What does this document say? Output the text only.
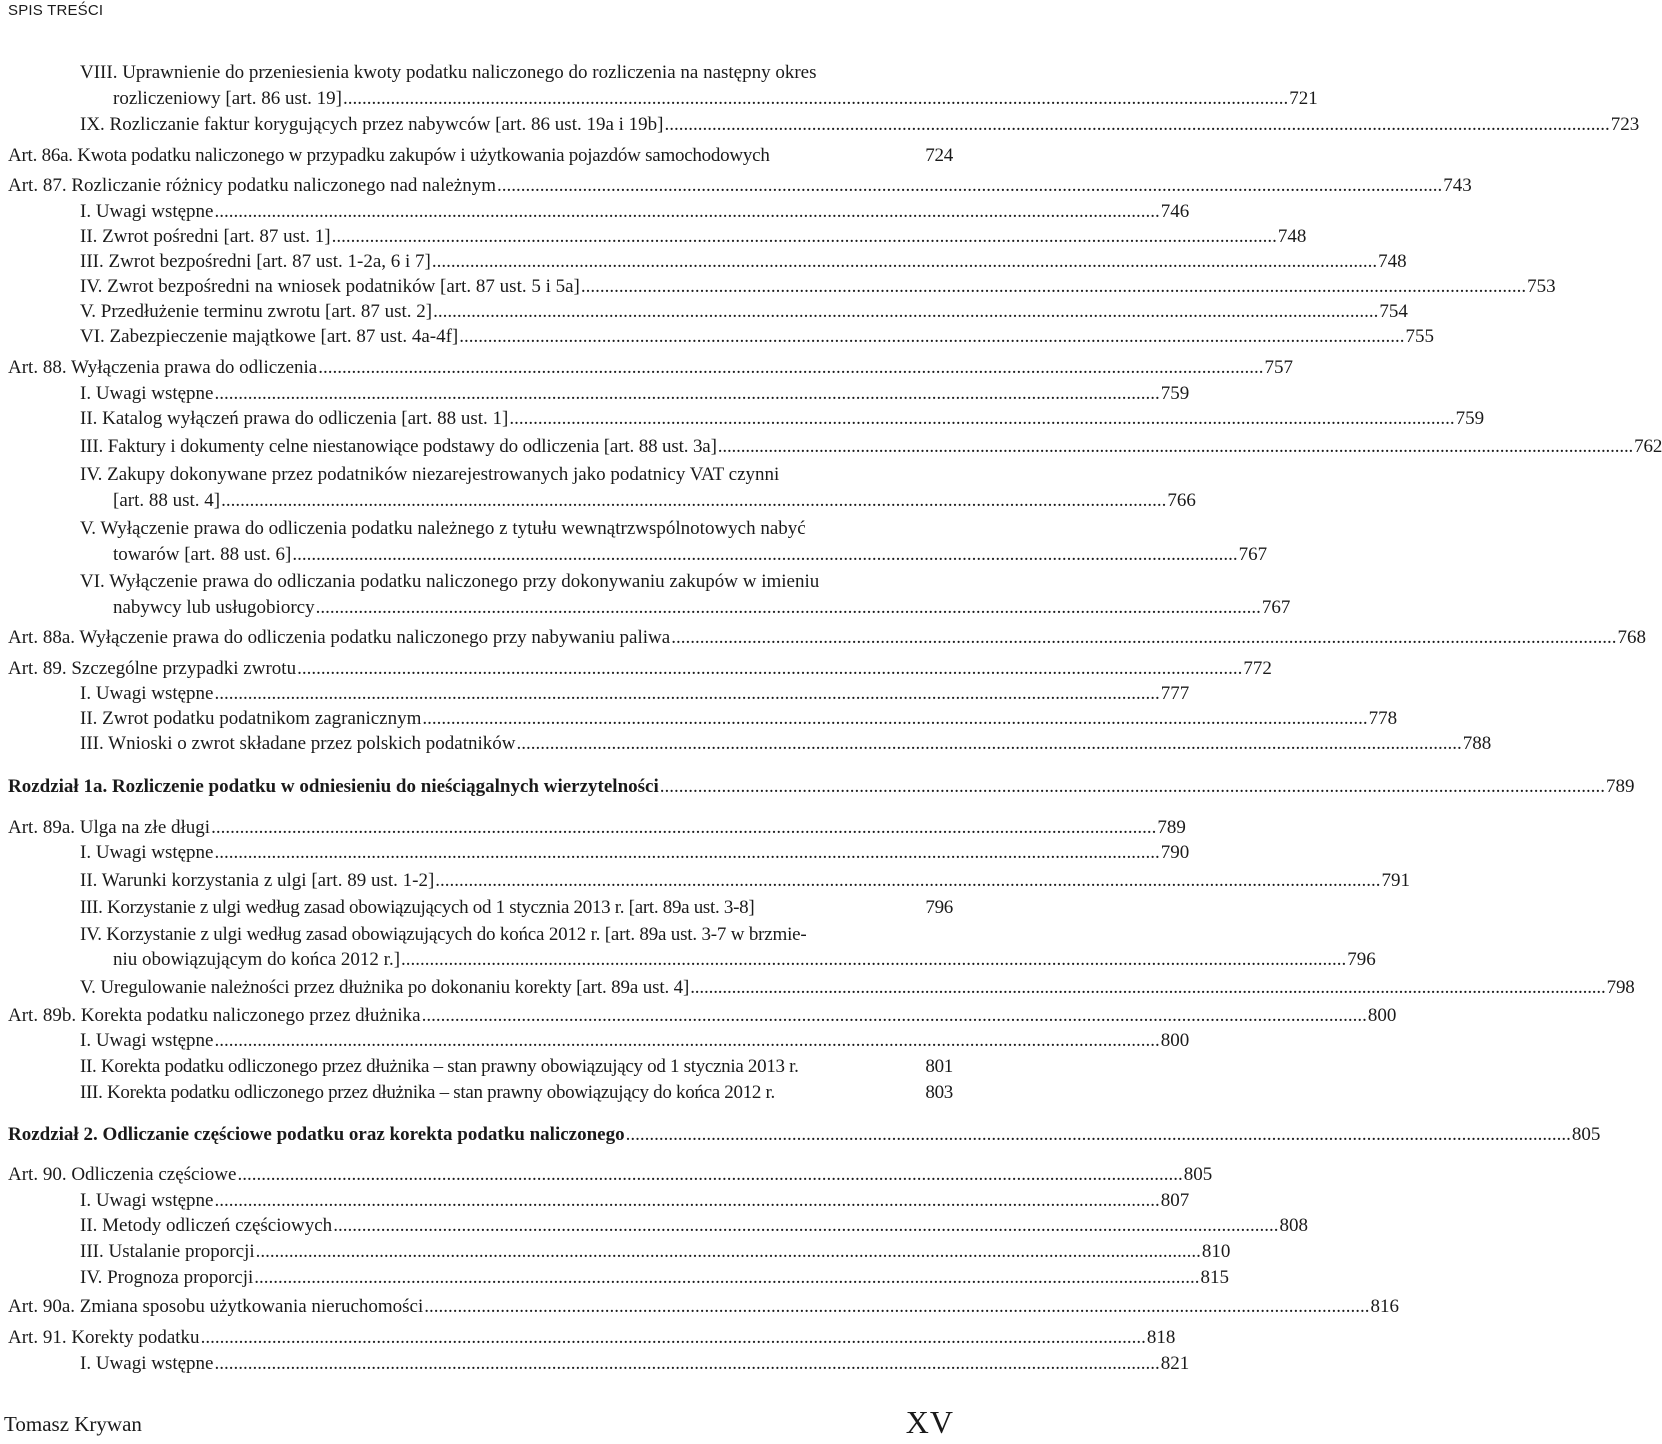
SPIS TREŚCI
VIII. Uprawnienie do przeniesienia kwoty podatku naliczonego do rozliczenia na następny okres
rozliczeniowy [art. 86 ust. 19] ....................................................................................................................................................................................................... 721
IX. Rozliczanie faktur korygujących przez nabywców [art. 86 ust. 19a i 19b] ....................................................................................................................................................................................................... 723
Art. 86a. Kwota podatku naliczonego w przypadku zakupów i użytkowania pojazdów samochodowych	724
Art. 87. Rozliczanie różnicy podatku naliczonego nad należnym ....................................................................................................................................................................................................... 743
I. Uwagi wstępne ....................................................................................................................................................................................................... 746
II. Zwrot pośredni [art. 87 ust. 1] ....................................................................................................................................................................................................... 748
III. Zwrot bezpośredni [art. 87 ust. 1-2a, 6 i 7] ....................................................................................................................................................................................................... 748
IV. Zwrot bezpośredni na wniosek podatników [art. 87 ust. 5 i 5a] ....................................................................................................................................................................................................... 753
V. Przedłużenie terminu zwrotu [art. 87 ust. 2] ....................................................................................................................................................................................................... 754
VI. Zabezpieczenie majątkowe [art. 87 ust. 4a-4f] ....................................................................................................................................................................................................... 755
Art. 88. Wyłączenia prawa do odliczenia ....................................................................................................................................................................................................... 757
I. Uwagi wstępne ....................................................................................................................................................................................................... 759
II. Katalog wyłączeń prawa do odliczenia [art. 88 ust. 1] ....................................................................................................................................................................................................... 759
III. Faktury i dokumenty celne niestanowiące podstawy do odliczenia [art. 88 ust. 3a] ....................................................................................................................................................................................................... 762
IV. Zakupy dokonywane przez podatników niezarejestrowanych jako podatnicy VAT czynni
[art. 88 ust. 4] ....................................................................................................................................................................................................... 766
V. Wyłączenie prawa do odliczenia podatku należnego z tytułu wewnątrzwspólnotowych nabyć
towarów [art. 88 ust. 6] ....................................................................................................................................................................................................... 767
VI. Wyłączenie prawa do odliczania podatku naliczonego przy dokonywaniu zakupów w imieniu
nabywcy lub usługobiorcy ....................................................................................................................................................................................................... 767
Art. 88a. Wyłączenie prawa do odliczenia podatku naliczonego przy nabywaniu paliwa ....................................................................................................................................................................................................... 768
Art. 89. Szczególne przypadki zwrotu ....................................................................................................................................................................................................... 772
I. Uwagi wstępne ....................................................................................................................................................................................................... 777
II. Zwrot podatku podatnikom zagranicznym ....................................................................................................................................................................................................... 778
III. Wnioski o zwrot składane przez polskich podatników ....................................................................................................................................................................................................... 788
Rozdział 1a. Rozliczenie podatku w odniesieniu do nieściągalnych wierzytelności ....................................................................................................................................................................................................... 789
Art. 89a. Ulga na złe długi ....................................................................................................................................................................................................... 789
I. Uwagi wstępne ....................................................................................................................................................................................................... 790
II. Warunki korzystania z ulgi [art. 89 ust. 1-2] ....................................................................................................................................................................................................... 791
III. Korzystanie z ulgi według zasad obowiązujących od 1 stycznia 2013 r. [art. 89a ust. 3-8]	796
IV. Korzystanie z ulgi według zasad obowiązujących do końca 2012 r. [art. 89a ust. 3-7 w brzmie-
niu obowiązującym do końca 2012 r.] ....................................................................................................................................................................................................... 796
V. Uregulowanie należności przez dłużnika po dokonaniu korekty [art. 89a ust. 4] ....................................................................................................................................................................................................... 798
Art. 89b. Korekta podatku naliczonego przez dłużnika ....................................................................................................................................................................................................... 800
I. Uwagi wstępne ....................................................................................................................................................................................................... 800
II. Korekta podatku odliczonego przez dłużnika – stan prawny obowiązujący od 1 stycznia 2013 r.	801
III. Korekta podatku odliczonego przez dłużnika – stan prawny obowiązujący do końca 2012 r.	803
Rozdział 2. Odliczanie częściowe podatku oraz korekta podatku naliczonego ....................................................................................................................................................................................................... 805
Art. 90. Odliczenia częściowe ....................................................................................................................................................................................................... 805
I. Uwagi wstępne ....................................................................................................................................................................................................... 807
II. Metody odliczeń częściowych ....................................................................................................................................................................................................... 808
III. Ustalanie proporcji ....................................................................................................................................................................................................... 810
IV. Prognoza proporcji ....................................................................................................................................................................................................... 815
Art. 90a. Zmiana sposobu użytkowania nieruchomości ....................................................................................................................................................................................................... 816
Art. 91. Korekty podatku ....................................................................................................................................................................................................... 818
I. Uwagi wstępne ....................................................................................................................................................................................................... 821
Tomasz Krywan	XV
